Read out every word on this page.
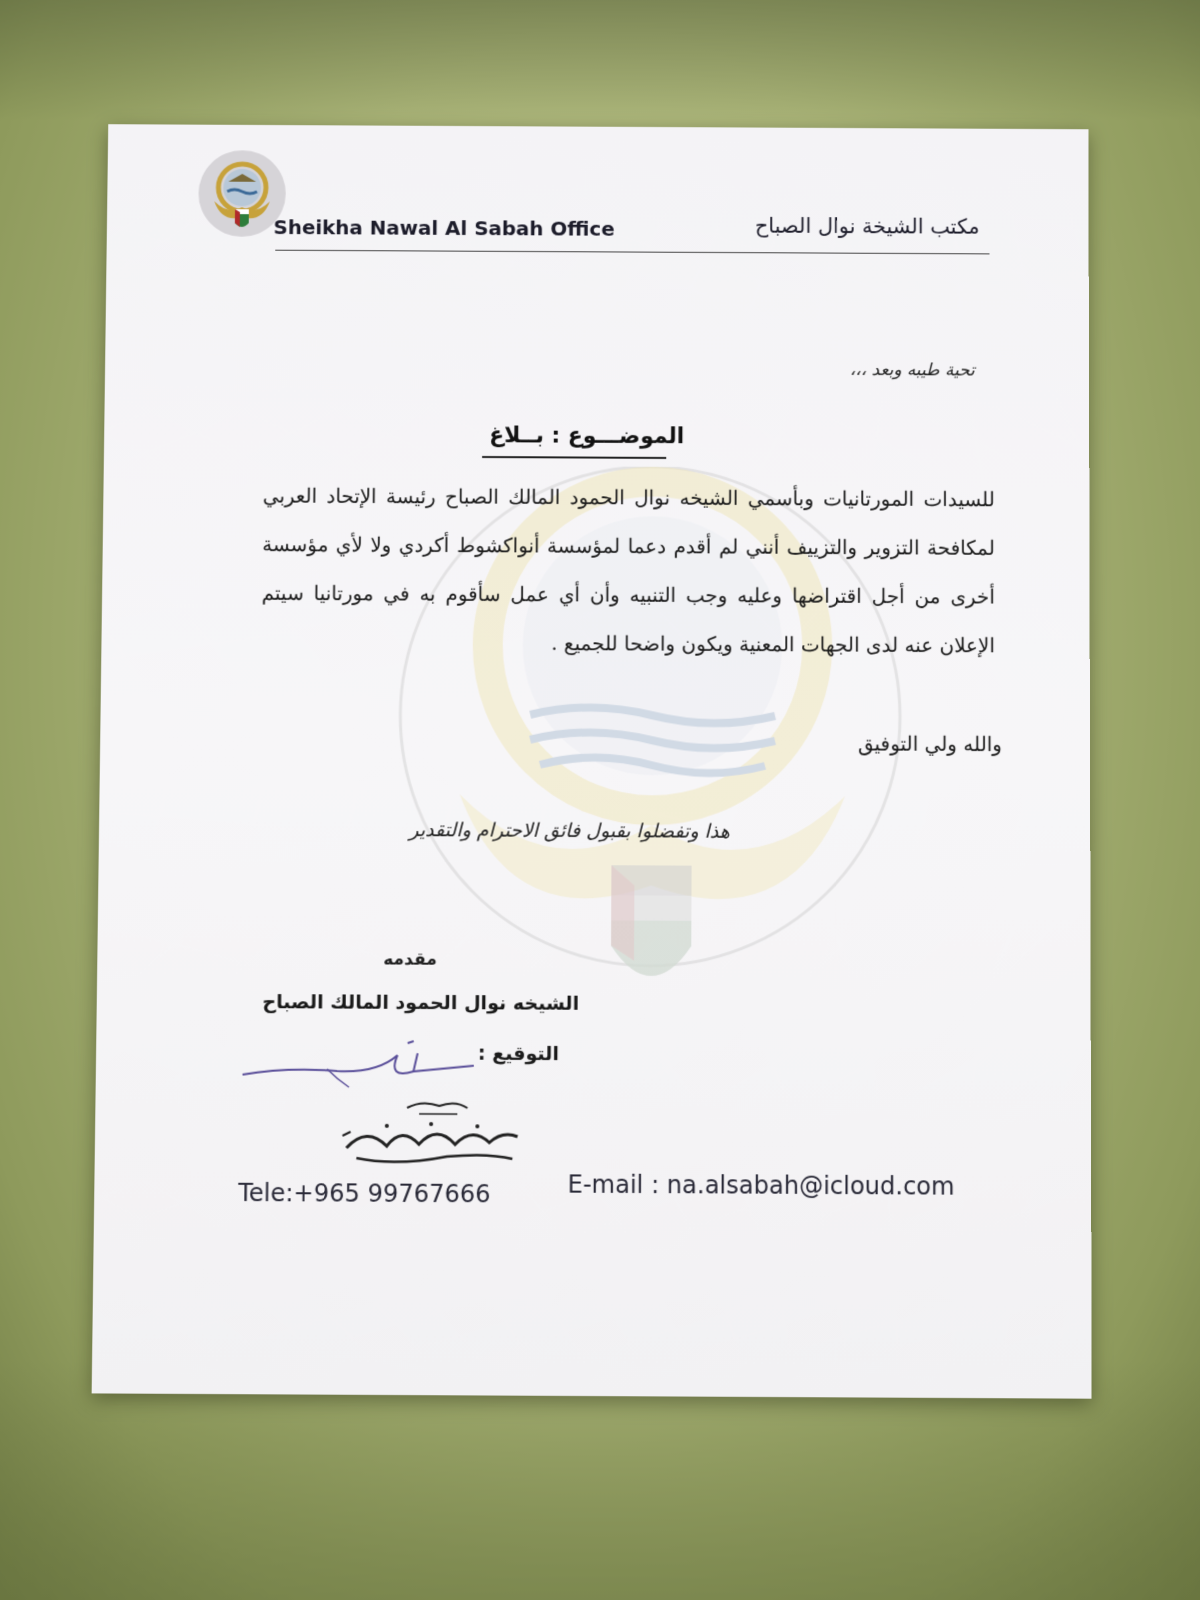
Sheikha Nawal Al Sabah Office	مكتب الشيخة نوال الصباح
تحية طيبه وبعد ،،،
الموضـــوع : بــلاغ
للسيدات المورتانيات وبأسمي الشيخه نوال الحمود المالك الصباح رئيسة الإتحاد العربي لمكافحة التزوير والتزييف أنني لم أقدم دعما لمؤسسة أنواكشوط أكردي ولا لأي مؤسسة أخرى من أجل اقتراضها وعليه وجب التنبيه وأن أي عمل سأقوم به في مورتانيا سيتم الإعلان عنه لدى الجهات المعنية ويكون واضحا للجميع .
والله ولي التوفيق
هذا وتفضلوا بقبول فائق الاحترام والتقدير
مقدمه
الشيخه نوال الحمود المالك الصباح
التوقيع :
Tele:+965 99767666	E-mail : na.alsabah@icloud.com
